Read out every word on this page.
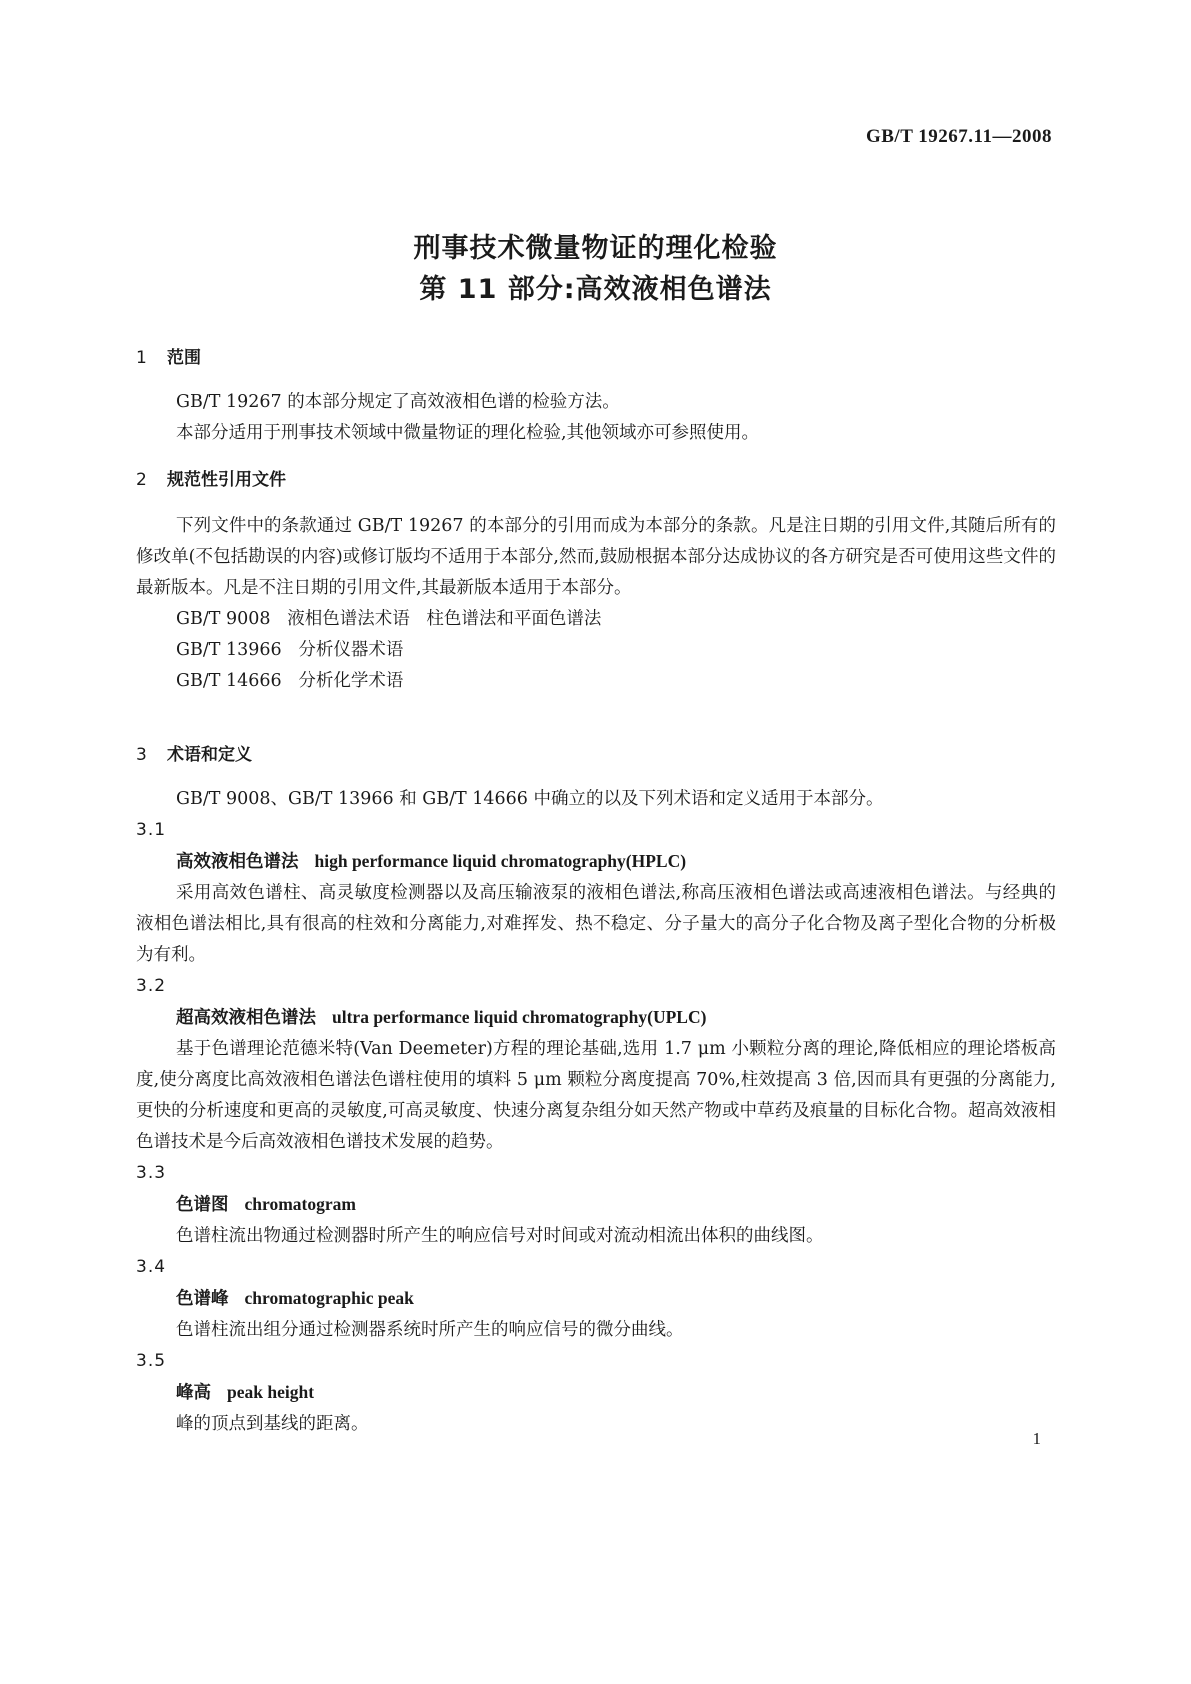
GB/T 19267.11—2008
刑事技术微量物证的理化检验
第 11 部分:高效液相色谱法
1 范围

GB/T 19267 的本部分规定了高效液相色谱的检验方法。

本部分适用于刑事技术领域中微量物证的理化检验,其他领域亦可参照使用。

2 规范性引用文件

下列文件中的条款通过 GB/T 19267 的本部分的引用而成为本部分的条款。凡是注日期的引用文件,其随后所有的修改单(不包括勘误的内容)或修订版均不适用于本部分,然而,鼓励根据本部分达成协议的各方研究是否可使用这些文件的最新版本。凡是不注日期的引用文件,其最新版本适用于本部分。

GB/T 9008   液相色谱法术语   柱色谱法和平面色谱法
GB/T 13966   分析仪器术语
GB/T 14666   分析化学术语
3 术语和定义

GB/T 9008、GB/T 13966 和 GB/T 14666 中确立的以及下列术语和定义适用于本部分。

3.1
高效液相色谱法 high performance liquid chromatography(HPLC)

采用高效色谱柱、高灵敏度检测器以及高压输液泵的液相色谱法,称高压液相色谱法或高速液相色谱法。与经典的液相色谱法相比,具有很高的柱效和分离能力,对难挥发、热不稳定、分子量大的高分子化合物及离子型化合物的分析极为有利。

3.2
超高效液相色谱法 ultra performance liquid chromatography(UPLC)

基于色谱理论范德米特(Van Deemeter)方程的理论基础,选用 1.7 μm 小颗粒分离的理论,降低相应的理论塔板高度,使分离度比高效液相色谱法色谱柱使用的填料 5 μm 颗粒分离度提高 70%,柱效提高 3 倍,因而具有更强的分离能力,更快的分析速度和更高的灵敏度,可高灵敏度、快速分离复杂组分如天然产物或中草药及痕量的目标化合物。超高效液相色谱技术是今后高效液相色谱技术发展的趋势。

3.3
色谱图 chromatogram

色谱柱流出物通过检测器时所产生的响应信号对时间或对流动相流出体积的曲线图。

3.4
色谱峰 chromatographic peak

色谱柱流出组分通过检测器系统时所产生的响应信号的微分曲线。

3.5
峰高 peak height

峰的顶点到基线的距离。

1
